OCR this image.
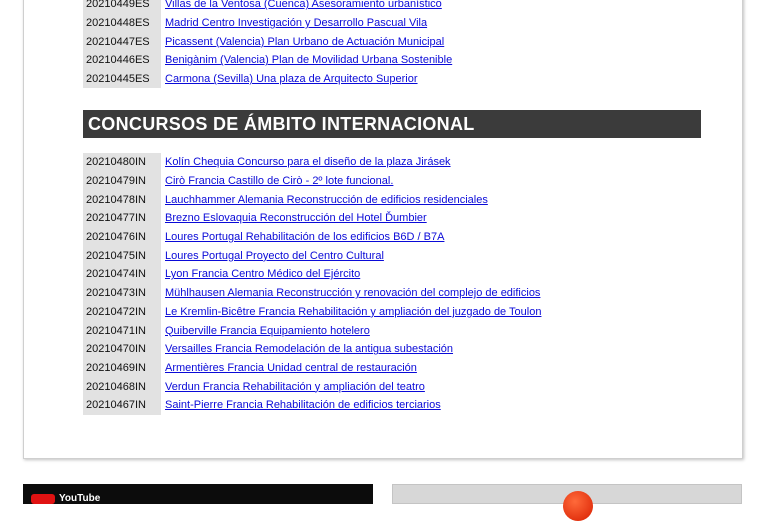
20210449ES	Villas de la Ventosa (Cuenca) Asesoramiento urbanístico
20210448ES	Madrid Centro Investigación y Desarrollo Pascual Vila
20210447ES	Picassent (Valencia) Plan Urbano de Actuación Municipal
20210446ES	Benigànim (Valencia) Plan de Movilidad Urbana Sostenible
20210445ES	Carmona (Sevilla) Una plaza de Arquitecto Superior
CONCURSOS DE ÁMBITO INTERNACIONAL
20210480IN	Kolín Chequia Concurso para el diseño de la plaza Jirásek
20210479IN	Cirò Francia Castillo de Cirò - 2º lote funcional.
20210478IN	Lauchhammer Alemania Reconstrucción de edificios residenciales
20210477IN	Brezno Eslovaquia Reconstrucción del Hotel Ďumbier
20210476IN	Loures Portugal Rehabilitación de los edificios B6D / B7A
20210475IN	Loures Portugal Proyecto del Centro Cultural
20210474IN	Lyon Francia Centro Médico del Ejército
20210473IN	Mühlhausen Alemania Reconstrucción y renovación del complejo de edificios
20210472IN	Le Kremlin-Bicêtre Francia Rehabilitación y ampliación del juzgado de Toulon
20210471IN	Quiberville Francia Equipamiento hotelero
20210470IN	Versailles Francia Remodelación de la antigua subestación
20210469IN	Armentières Francia Unidad central de restauración
20210468IN	Verdun Francia Rehabilitación y ampliación del teatro
20210467IN	Saint-Pierre Francia Rehabilitación de edificios terciarios
YouTube
